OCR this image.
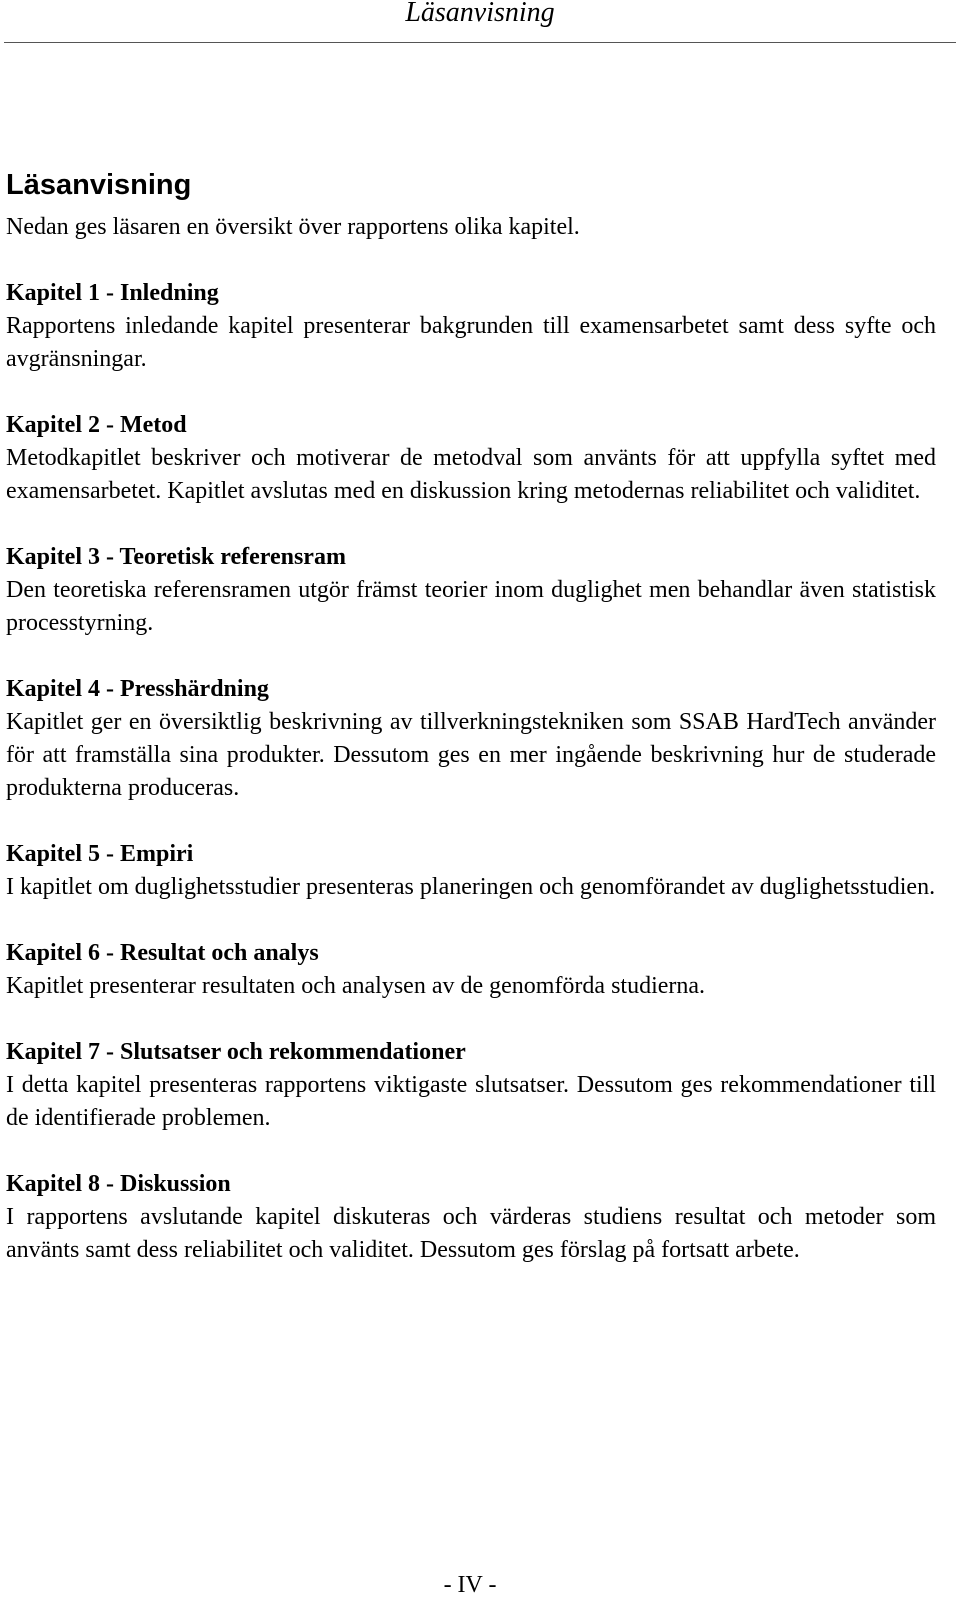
Läsanvisning
Läsanvisning

Nedan ges läsaren en översikt över rapportens olika kapitel.

Kapitel 1 - Inledning

Rapportens inledande kapitel presenterar bakgrunden till examensarbetet samt dess syfte och avgränsningar.

Kapitel 2 - Metod

Metodkapitlet beskriver och motiverar de metodval som använts för att uppfylla syftet med examensarbetet. Kapitlet avslutas med en diskussion kring metodernas reliabilitet och validitet.

Kapitel 3 - Teoretisk referensram

Den teoretiska referensramen utgör främst teorier inom duglighet men behandlar även statistisk processtyrning.

Kapitel 4 - Presshärdning

Kapitlet ger en översiktlig beskrivning av tillverkningstekniken som SSAB HardTech använder för att framställa sina produkter. Dessutom ges en mer ingående beskrivning hur de studerade produkterna produceras.

Kapitel 5 - Empiri

I kapitlet om duglighetsstudier presenteras planeringen och genomförandet av duglighetsstudien.

Kapitel 6 - Resultat och analys

Kapitlet presenterar resultaten och analysen av de genomförda studierna.

Kapitel 7 - Slutsatser och rekommendationer

I detta kapitel presenteras rapportens viktigaste slutsatser. Dessutom ges rekommendationer till de identifierade problemen.

Kapitel 8 - Diskussion

I rapportens avslutande kapitel diskuteras och värderas studiens resultat och metoder som använts samt dess reliabilitet och validitet. Dessutom ges förslag på fortsatt arbete.

- IV -
